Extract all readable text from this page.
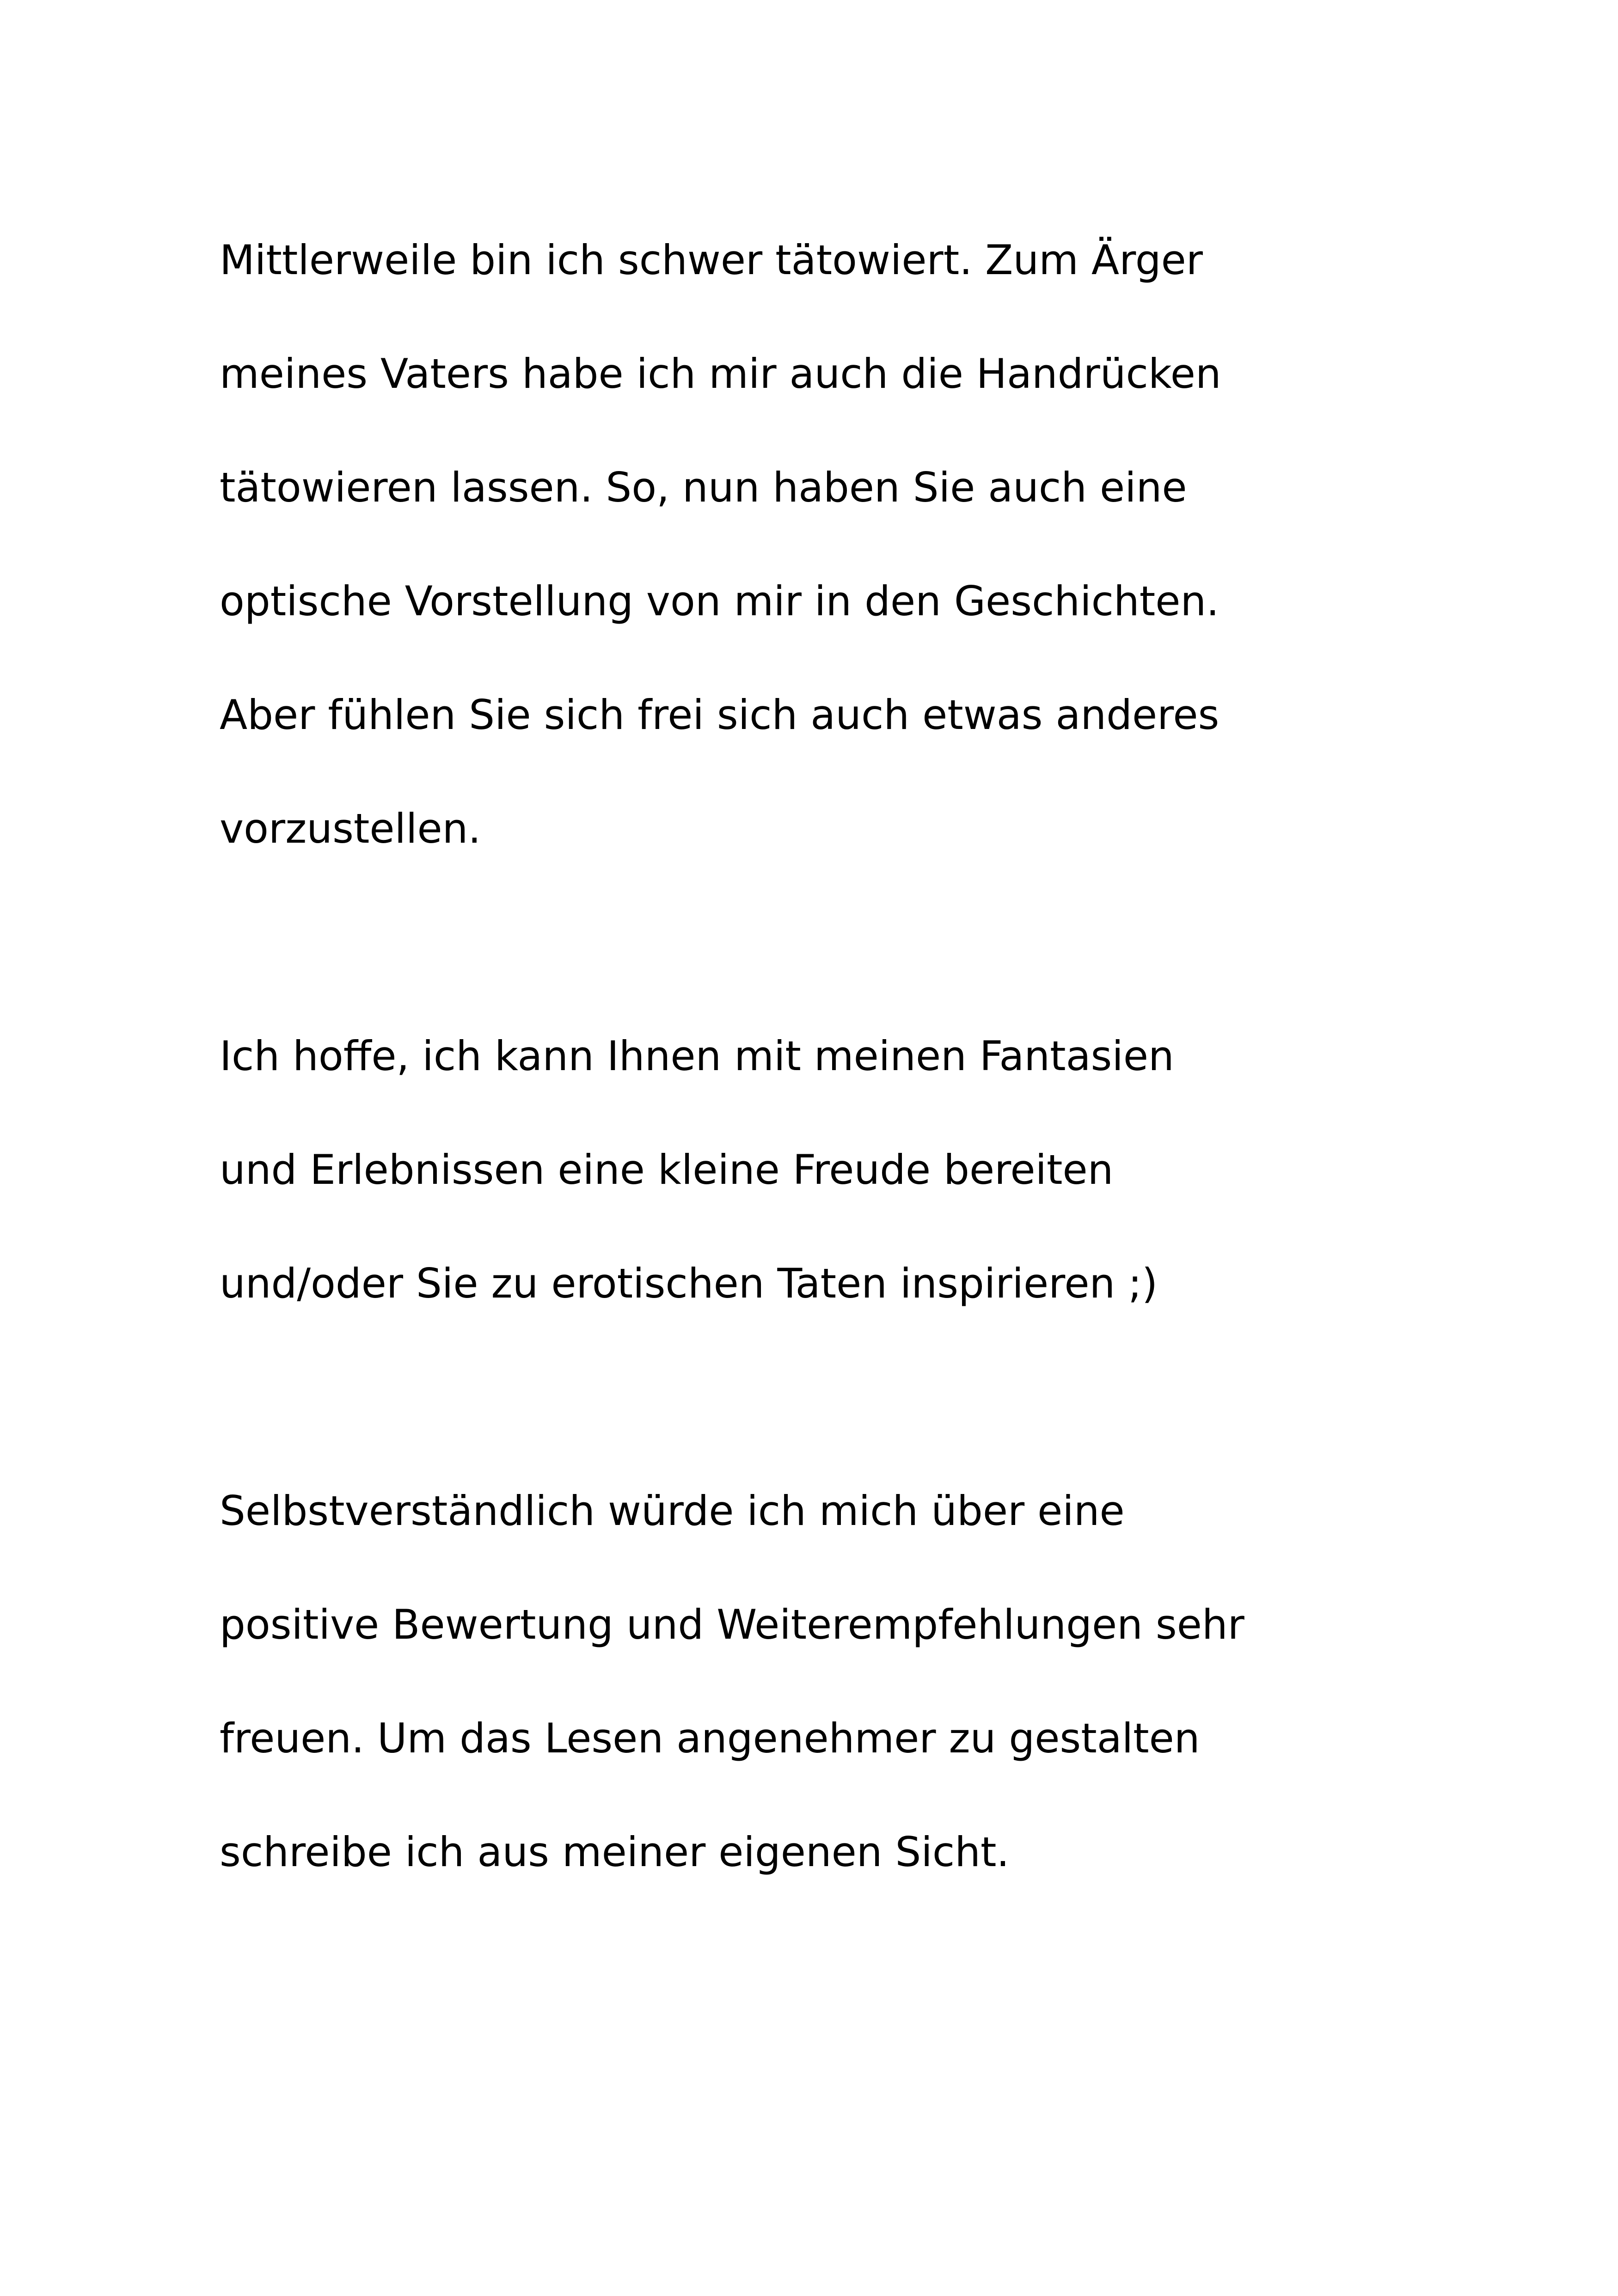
Mittlerweile bin ich schwer tätowiert. Zum Ärger
meines Vaters habe ich mir auch die Handrücken
tätowieren lassen. So, nun haben Sie auch eine
optische Vorstellung von mir in den Geschichten.
Aber fühlen Sie sich frei sich auch etwas anderes
vorzustellen.
Ich hoffe, ich kann Ihnen mit meinen Fantasien
und Erlebnissen eine kleine Freude bereiten
und/oder Sie zu erotischen Taten inspirieren ;)
Selbstverständlich würde ich mich über eine
positive Bewertung und Weiterempfehlungen sehr
freuen. Um das Lesen angenehmer zu gestalten
schreibe ich aus meiner eigenen Sicht.
